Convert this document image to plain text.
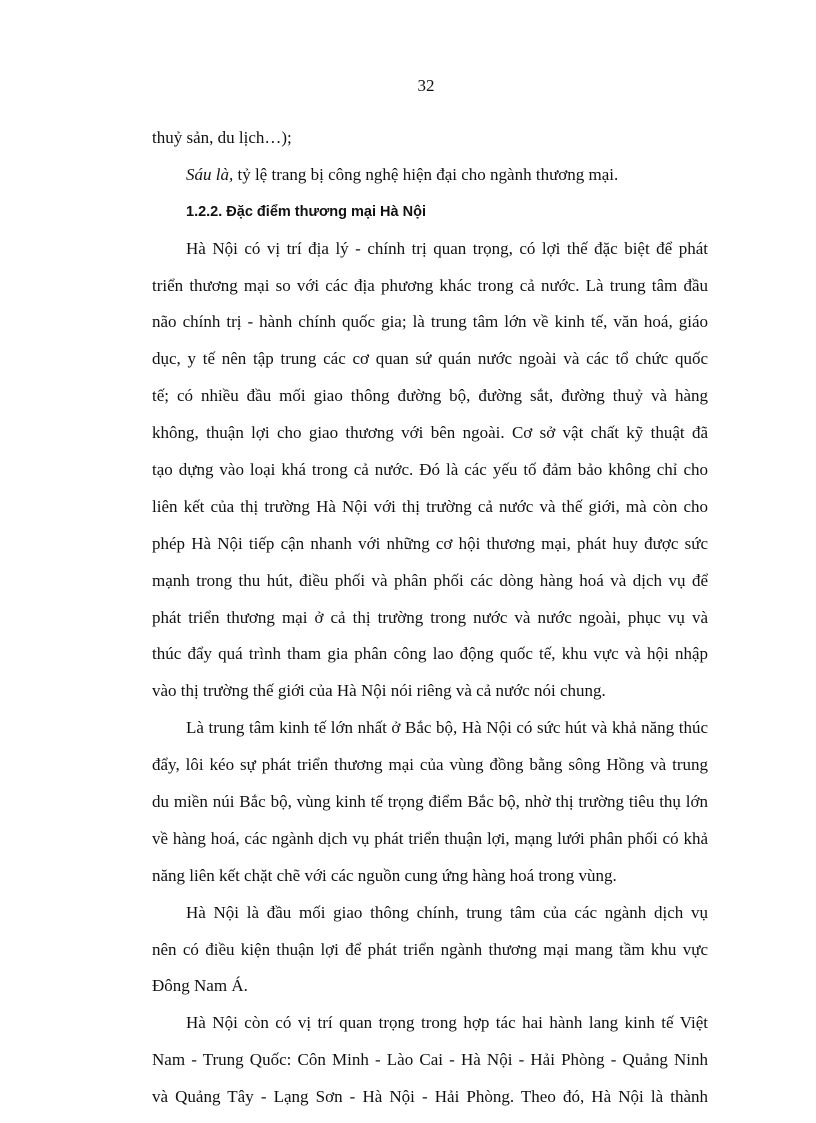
32
thuỷ sản, du lịch…);
Sáu là, tỷ lệ trang bị công nghệ hiện đại cho ngành thương mại.
1.2.2. Đặc điểm thương mại Hà Nội
Hà Nội có vị trí địa lý - chính trị quan trọng, có lợi thế đặc biệt để phát
triển thương mại so với các địa phương khác trong cả nước. Là trung tâm đầu
não chính trị - hành chính quốc gia; là trung tâm lớn về kinh tế, văn hoá, giáo
dục, y tế nên tập trung các cơ quan sứ quán nước ngoài và các tổ chức quốc
tế; có nhiều đầu mối giao thông đường bộ, đường sắt, đường thuỷ và hàng
không, thuận lợi cho giao thương với bên ngoài. Cơ sở vật chất kỹ thuật đã
tạo dựng vào loại khá trong cả nước. Đó là các yếu tố đảm bảo không chỉ cho
liên kết của thị trường Hà Nội với thị trường cả nước và thế giới, mà còn cho
phép Hà Nội tiếp cận nhanh với những cơ hội thương mại, phát huy được sức
mạnh trong thu hút, điều phối và phân phối các dòng hàng hoá và dịch vụ để
phát triển thương mại ở cả thị trường trong nước và nước ngoài, phục vụ và
thúc đẩy quá trình tham gia phân công lao động quốc tế, khu vực và hội nhập
vào thị trường thế giới của Hà Nội nói riêng và cả nước nói chung.
Là trung tâm kinh tế lớn nhất ở Bắc bộ, Hà Nội có sức hút và khả năng thúc
đẩy, lôi kéo sự phát triển thương mại của vùng đồng bằng sông Hồng và trung
du miền núi Bắc bộ, vùng kinh tế trọng điểm Bắc bộ, nhờ thị trường tiêu thụ lớn
về hàng hoá, các ngành dịch vụ phát triển thuận lợi, mạng lưới phân phối có khả
năng liên kết chặt chẽ với các nguồn cung ứng hàng hoá trong vùng.
Hà Nội là đầu mối giao thông chính, trung tâm của các ngành dịch vụ
nên có điều kiện thuận lợi để phát triển ngành thương mại mang tầm khu vực
Đông Nam Á.
Hà Nội còn có vị trí quan trọng trong hợp tác hai hành lang kinh tế Việt
Nam - Trung Quốc: Côn Minh - Lào Cai - Hà Nội - Hải Phòng - Quảng Ninh
và Quảng Tây - Lạng Sơn - Hà Nội - Hải Phòng. Theo đó, Hà Nội là thành
